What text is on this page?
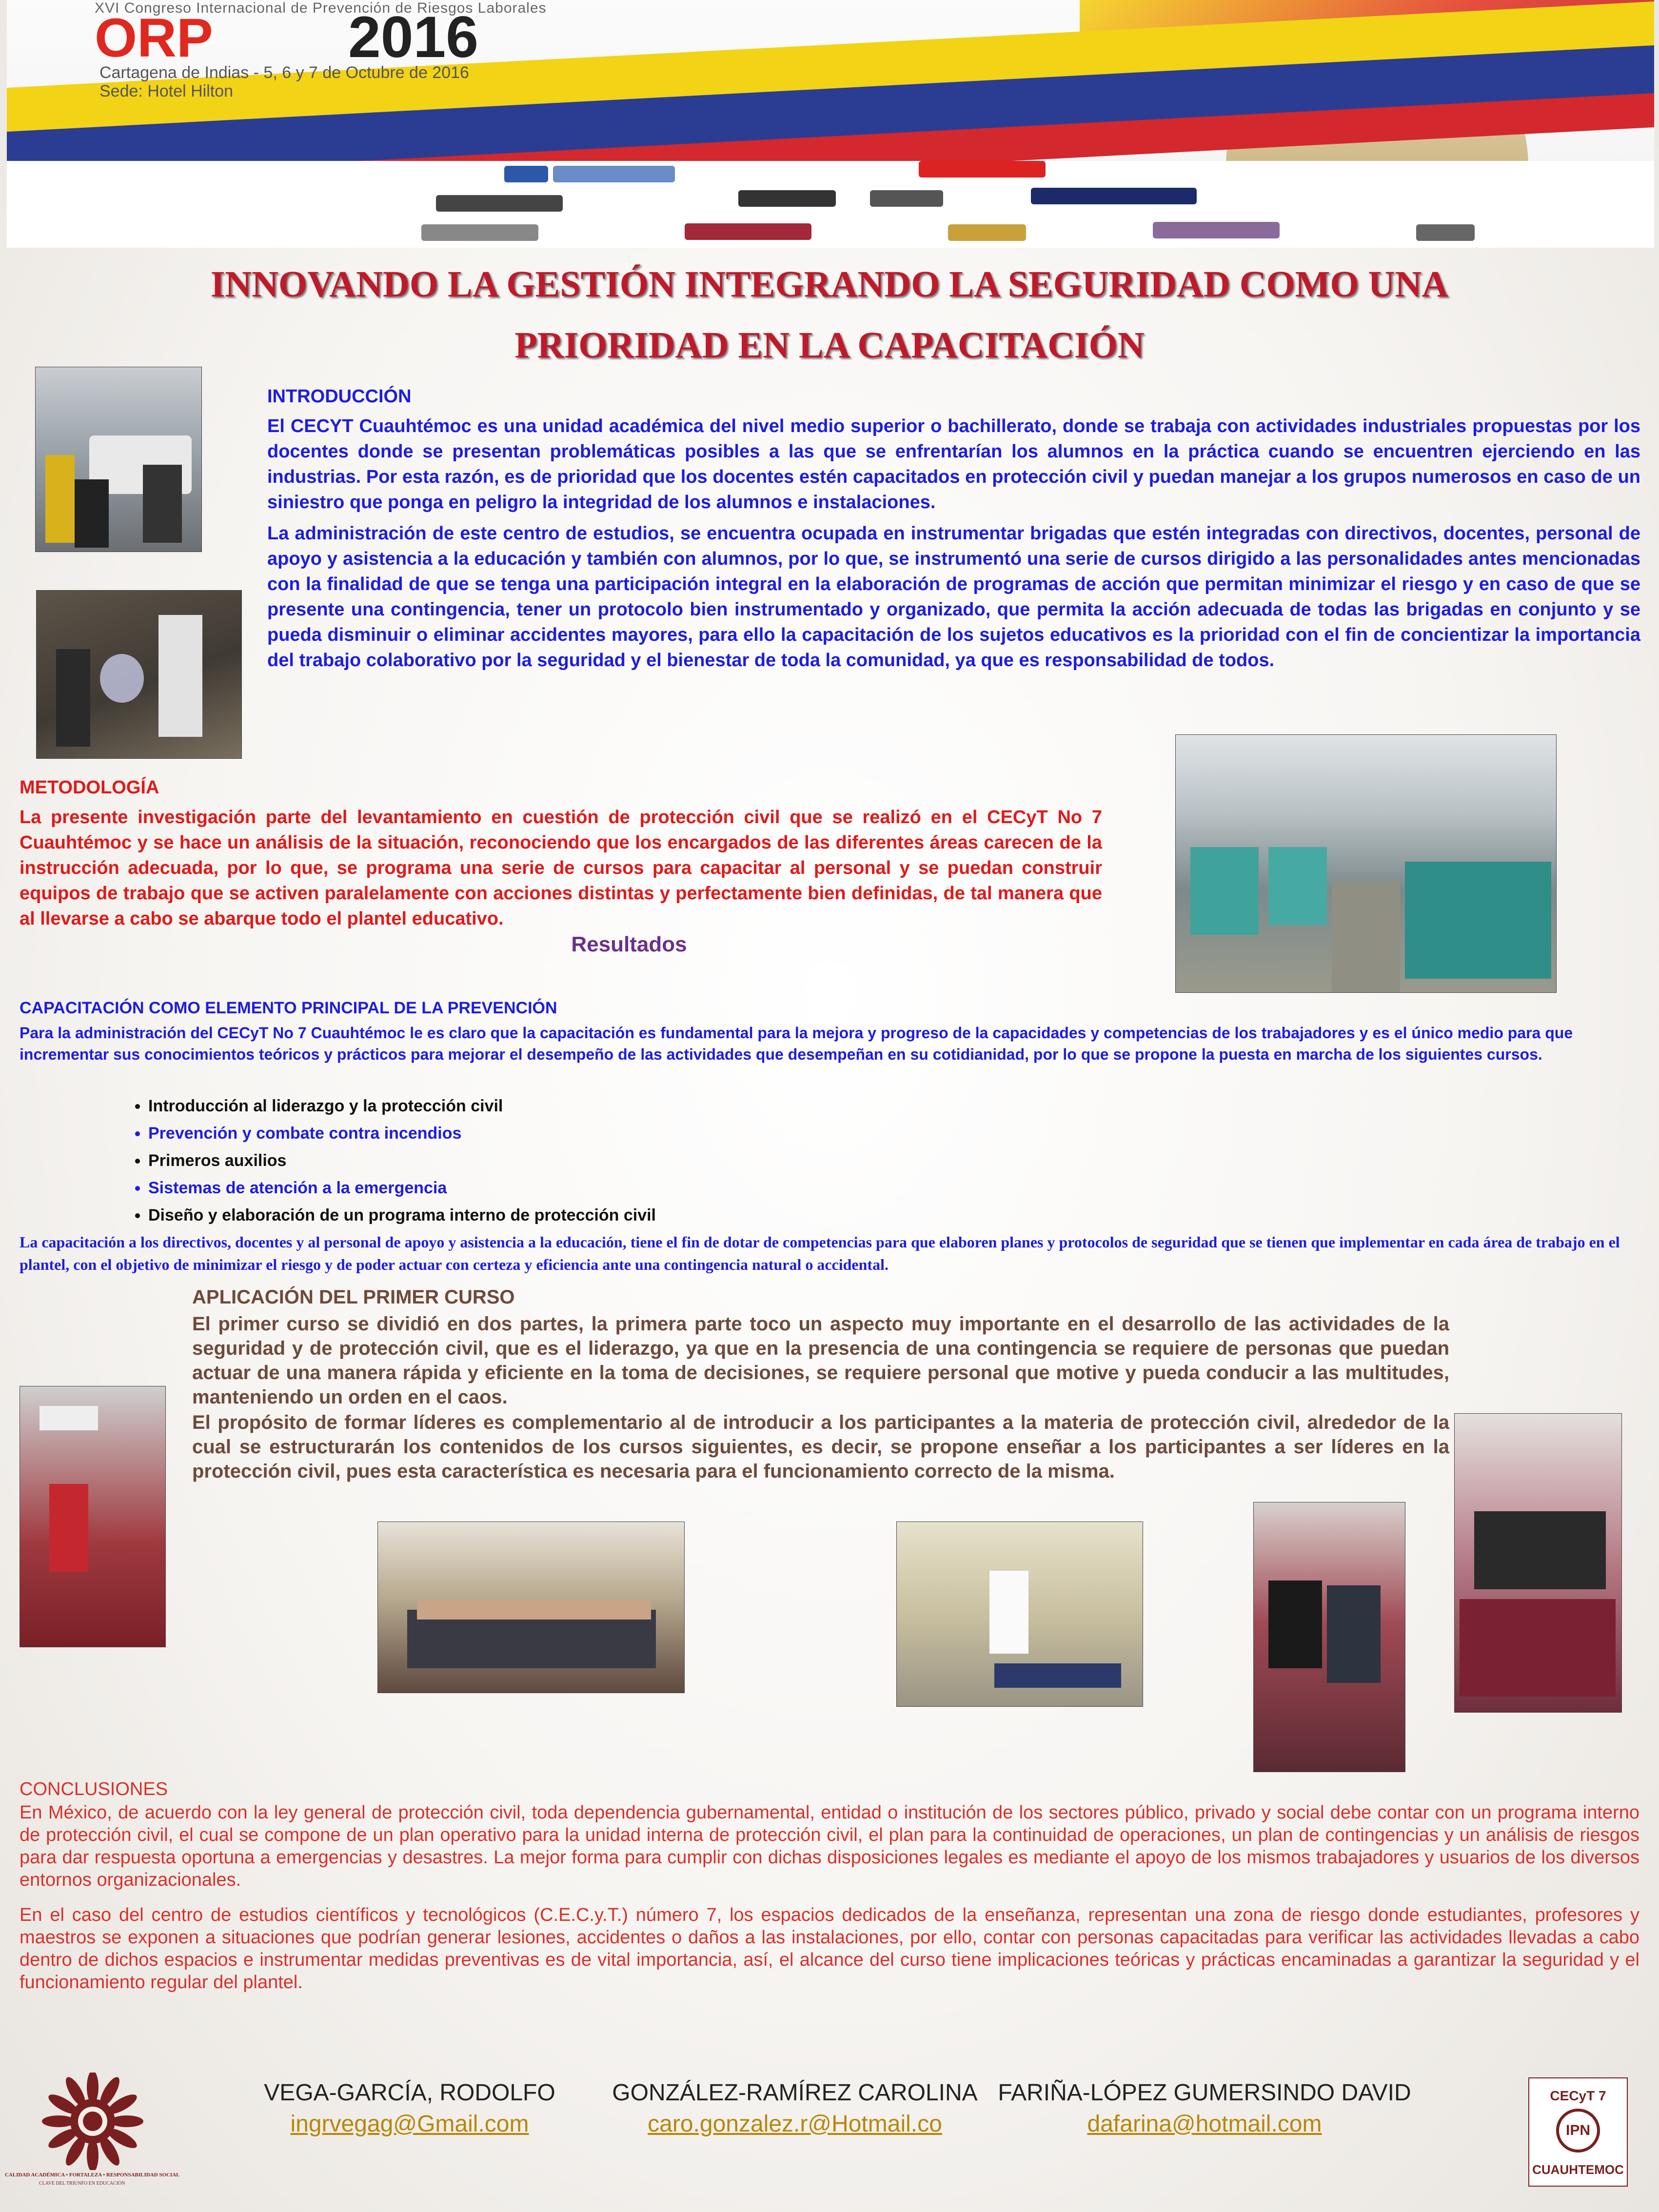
XVI Congreso Internacional de Prevención de Riesgos Laborales
ORP 2016
Cartagena de Indias - 5, 6 y 7 de Octubre de 2016
Sede: Hotel Hilton
INNOVANDO LA GESTIÓN INTEGRANDO LA SEGURIDAD COMO UNA
PRIORIDAD EN LA CAPACITACIÓN
INTRODUCCIÓN
El CECYT Cuauhtémoc es una unidad académica del nivel medio superior o bachillerato, donde se trabaja con actividades industriales propuestas por los docentes donde se presentan problemáticas posibles a las que se enfrentarían los alumnos en la práctica cuando se encuentren ejerciendo en las industrias. Por esta razón, es de prioridad que los docentes estén capacitados en protección civil y puedan manejar a los grupos numerosos en caso de un siniestro que ponga en peligro la integridad de los alumnos e instalaciones.
La administración de este centro de estudios, se encuentra ocupada en instrumentar brigadas que estén integradas con directivos, docentes, personal de apoyo y asistencia a la educación y también con alumnos, por lo que, se instrumentó una serie de cursos dirigido a las personalidades antes mencionadas con la finalidad de que se tenga una participación integral en la elaboración de programas de acción que permitan minimizar el riesgo y en caso de que se presente una contingencia, tener un protocolo bien instrumentado y organizado, que permita la acción adecuada de todas las brigadas en conjunto y se pueda disminuir o eliminar accidentes mayores, para ello la capacitación de los sujetos educativos es la prioridad con el fin de concientizar la importancia del trabajo colaborativo por la seguridad y el bienestar de toda la comunidad, ya que es responsabilidad de todos.
METODOLOGÍA
La presente investigación parte del levantamiento en cuestión de protección civil que se realizó en el CECyT No 7 Cuauhtémoc y se hace un análisis de la situación, reconociendo que los encargados de las diferentes áreas carecen de la instrucción adecuada, por lo que, se programa una serie de cursos para capacitar al personal y se puedan construir equipos de trabajo que se activen paralelamente con acciones distintas y perfectamente bien definidas, de tal manera que al llevarse a cabo se abarque todo el plantel educativo.
Resultados
CAPACITACIÓN COMO ELEMENTO PRINCIPAL DE LA PREVENCIÓN
Para la administración del CECyT No 7 Cuauhtémoc le es claro que la capacitación es fundamental para la mejora y progreso de la capacidades y competencias de los trabajadores y es el único medio para que incrementar sus conocimientos teóricos y prácticos para mejorar el desempeño de las actividades que desempeñan en su cotidianidad, por lo que se propone la puesta en marcha de los siguientes cursos.
• Introducción al liderazgo y la protección civil
• Prevención y combate contra incendios
• Primeros auxilios
• Sistemas de atención a la emergencia
• Diseño y elaboración de un programa interno de protección civil
La capacitación a los directivos, docentes y al personal de apoyo y asistencia a la educación, tiene el fin de dotar de competencias para que elaboren planes y protocolos de seguridad que se tienen que implementar en cada área de trabajo en el plantel, con el objetivo de minimizar el riesgo y de poder actuar con certeza y eficiencia ante una contingencia natural o accidental.
APLICACIÓN DEL PRIMER CURSO
El primer curso se dividió en dos partes, la primera parte toco un aspecto muy importante en el desarrollo de las actividades de la seguridad y de protección civil, que es el liderazgo, ya que en la presencia de una contingencia se requiere de personas que puedan actuar de una manera rápida y eficiente en la toma de decisiones, se requiere personal que motive y pueda conducir a las multitudes, manteniendo un orden en el caos.
El propósito de formar líderes es complementario al de introducir a los participantes a la materia de protección civil, alrededor de la cual se estructurarán los contenidos de los cursos siguientes, es decir, se propone enseñar a los participantes a ser líderes en la protección civil, pues esta característica es necesaria para el funcionamiento correcto de la misma.
CONCLUSIONES
En México, de acuerdo con la ley general de protección civil, toda dependencia gubernamental, entidad o institución de los sectores público, privado y social debe contar con un programa interno de protección civil, el cual se compone de un plan operativo para la unidad interna de protección civil, el plan para la continuidad de operaciones, un plan de contingencias y un análisis de riesgos para dar respuesta oportuna a emergencias y desastres. La mejor forma para cumplir con dichas disposiciones legales es mediante el apoyo de los mismos trabajadores y usuarios de los diversos entornos organizacionales.
En el caso del centro de estudios científicos y tecnológicos (C.E.C.y.T.) número 7, los espacios dedicados de la enseñanza, representan una zona de riesgo donde estudiantes, profesores y maestros se exponen a situaciones que podrían generar lesiones, accidentes o daños a las instalaciones, por ello, contar con personas capacitadas para verificar las actividades llevadas a cabo dentro de dichos espacios e instrumentar medidas preventivas es de vital importancia, así, el alcance del curso tiene implicaciones teóricas y prácticas encaminadas a garantizar la seguridad y el funcionamiento regular del plantel.
CALIDAD ACADÉMICA • FORTALEZA • RESPONSABILIDAD SOCIAL
CLAVE DEL TRIUNFO EN EDUCACIÓN
VEGA-GARCÍA, RODOLFO
ingrvegag@Gmail.com
GONZÁLEZ-RAMÍREZ CAROLINA
caro.gonzalez.r@Hotmail.co
FARIÑA-LÓPEZ GUMERSINDO DAVID
dafarina@hotmail.com
CECyT 7
IPN
CUAUHTEMOC
